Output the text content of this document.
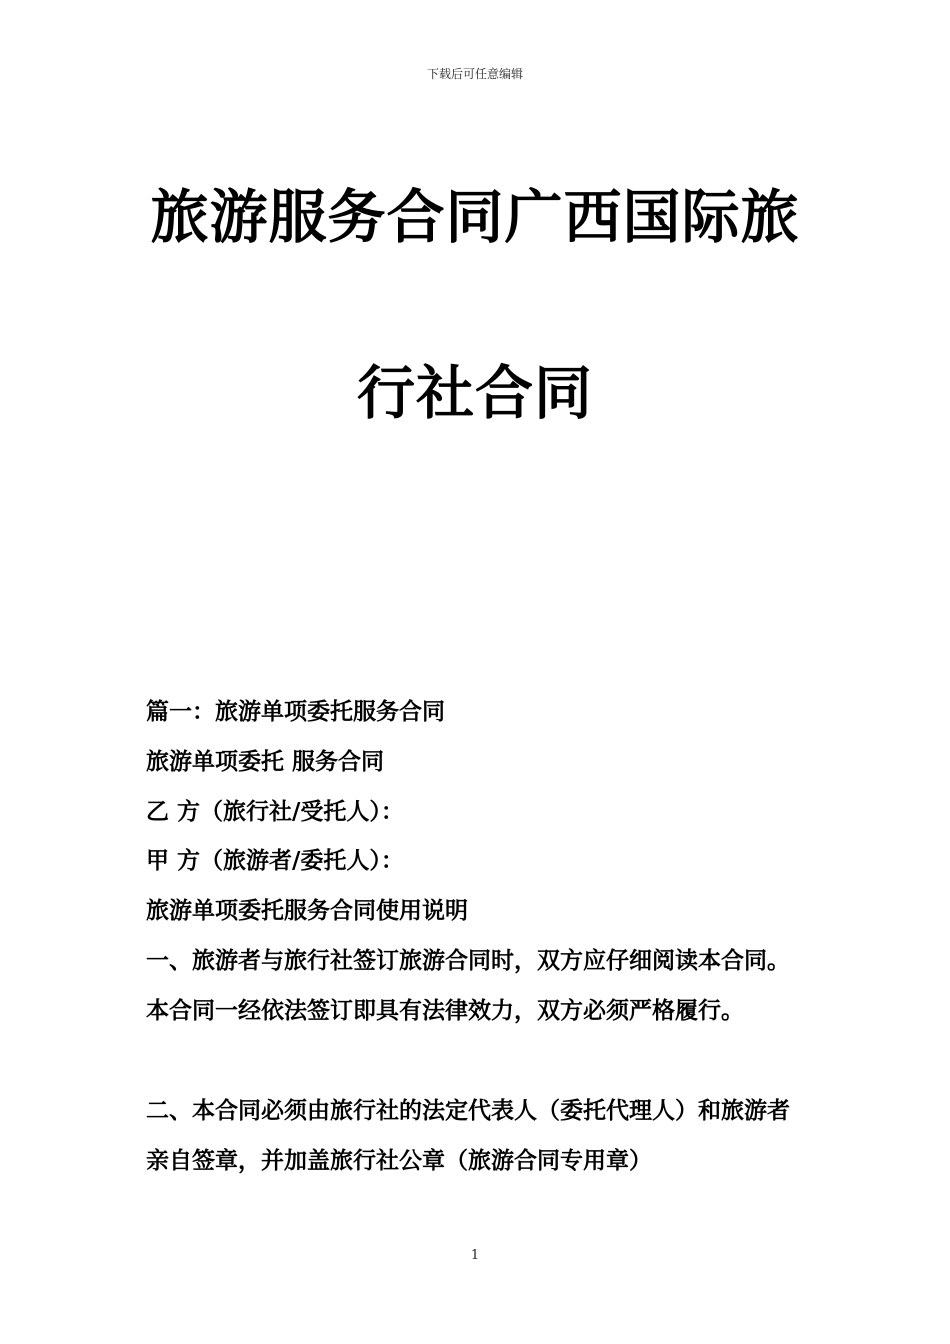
下载后可任意编辑
旅游服务合同广西国际旅
行社合同
篇一：旅游单项委托服务合同
旅游单项委托 服务合同
乙 方（旅行社/受托人）：
甲 方（旅游者/委托人）：
旅游单项委托服务合同使用说明
一、旅游者与旅行社签订旅游合同时，双方应仔细阅读本合同。本合同一经依法签订即具有法律效力，双方必须严格履行。
二、本合同必须由旅行社的法定代表人（委托代理人）和旅游者亲自签章，并加盖旅行社公章（旅游合同专用章）
1
